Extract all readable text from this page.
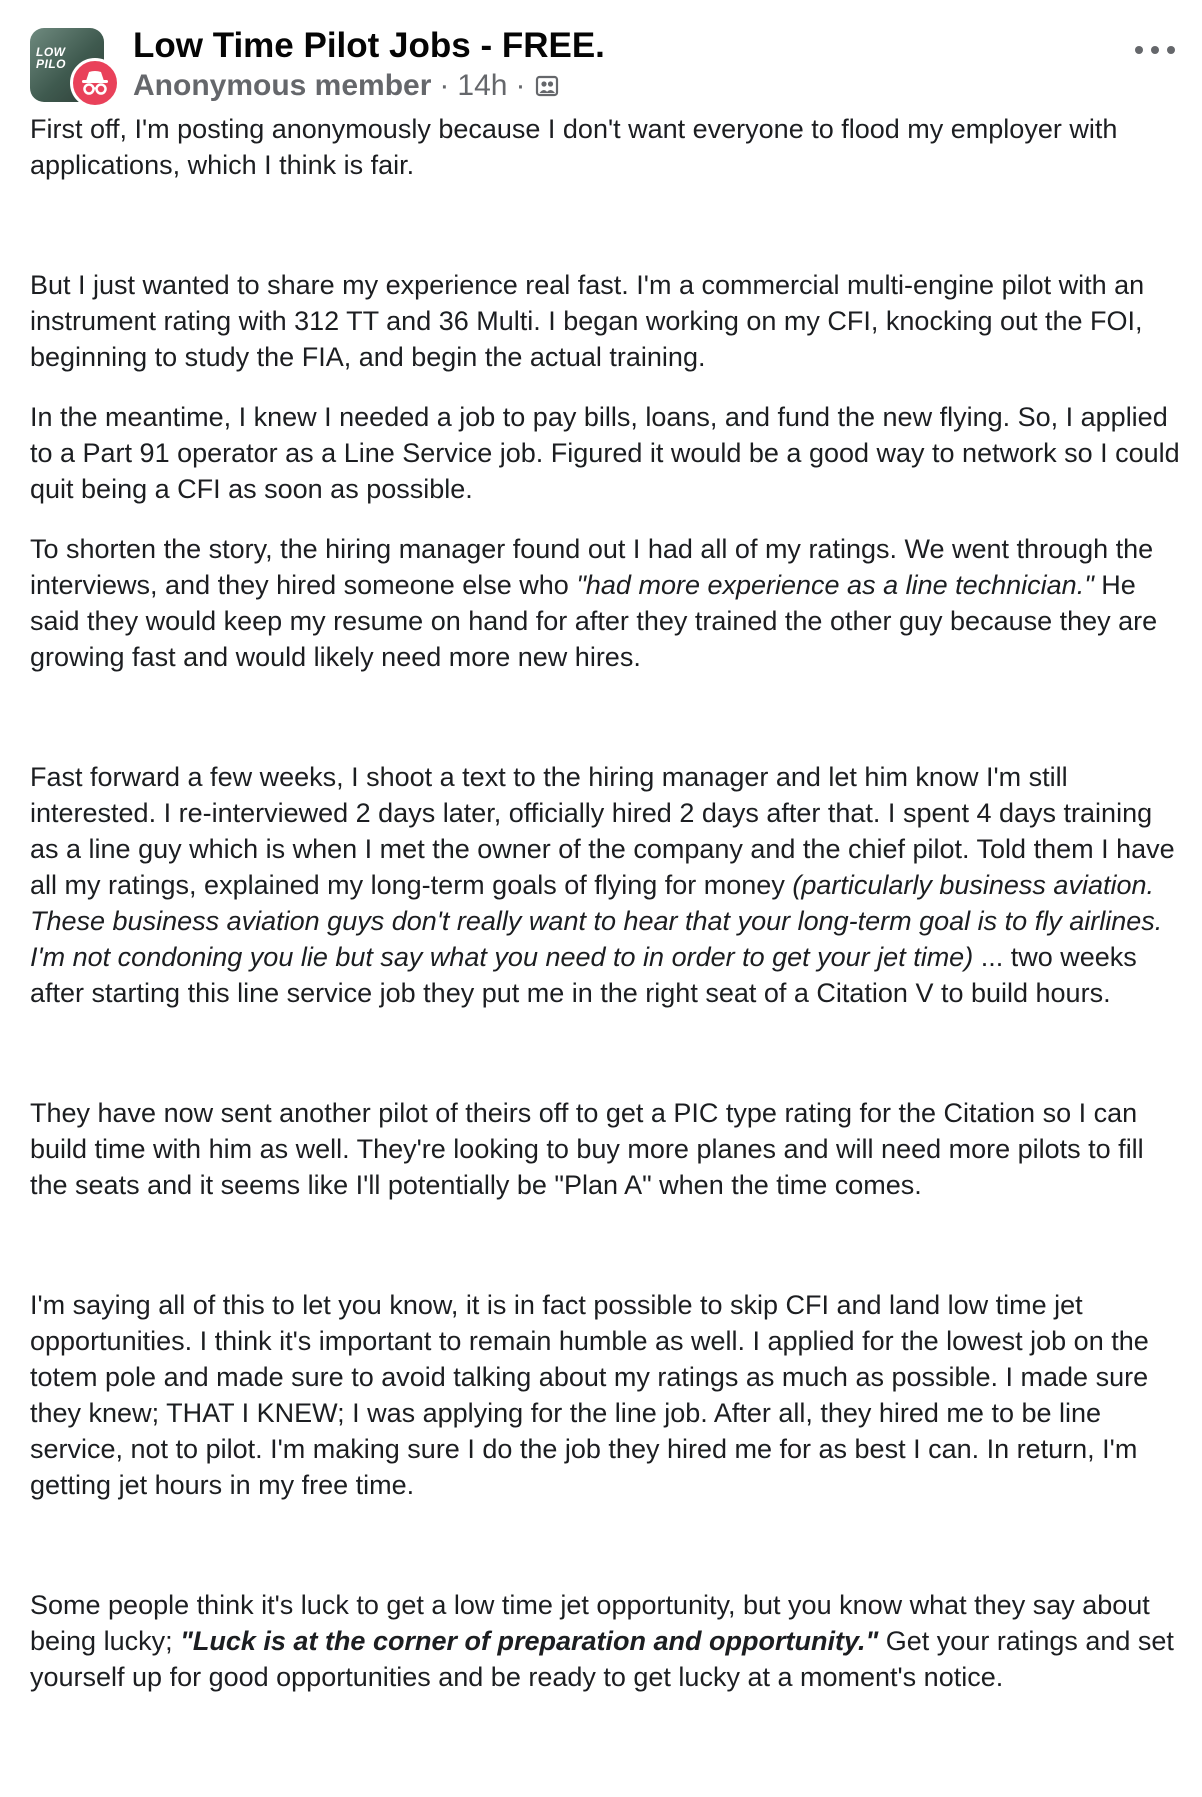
LOW
PILO Low Time Pilot Jobs - FREE.
Anonymous member · 14h ·

First off, I'm posting anonymously because I don't want everyone to flood my employer with applications, which I think is fair.

But I just wanted to share my experience real fast. I'm a commercial multi-engine pilot with an instrument rating with 312 TT and 36 Multi. I began working on my CFI, knocking out the FOI, beginning to study the FIA, and begin the actual training.

In the meantime, I knew I needed a job to pay bills, loans, and fund the new flying. So, I applied to a Part 91 operator as a Line Service job. Figured it would be a good way to network so I could quit being a CFI as soon as possible.

To shorten the story, the hiring manager found out I had all of my ratings. We went through the interviews, and they hired someone else who "had more experience as a line technician." He said they would keep my resume on hand for after they trained the other guy because they are growing fast and would likely need more new hires.

Fast forward a few weeks, I shoot a text to the hiring manager and let him know I'm still interested. I re-interviewed 2 days later, officially hired 2 days after that. I spent 4 days training as a line guy which is when I met the owner of the company and the chief pilot. Told them I have all my ratings, explained my long-term goals of flying for money (particularly business aviation. These business aviation guys don't really want to hear that your long-term goal is to fly airlines. I'm not condoning you lie but say what you need to in order to get your jet time) ... two weeks after starting this line service job they put me in the right seat of a Citation V to build hours.

They have now sent another pilot of theirs off to get a PIC type rating for the Citation so I can build time with him as well. They're looking to buy more planes and will need more pilots to fill the seats and it seems like I'll potentially be "Plan A" when the time comes.

I'm saying all of this to let you know, it is in fact possible to skip CFI and land low time jet opportunities. I think it's important to remain humble as well. I applied for the lowest job on the totem pole and made sure to avoid talking about my ratings as much as possible. I made sure they knew; THAT I KNEW; I was applying for the line job. After all, they hired me to be line service, not to pilot. I'm making sure I do the job they hired me for as best I can. In return, I'm getting jet hours in my free time.

Some people think it's luck to get a low time jet opportunity, but you know what they say about being lucky; "Luck is at the corner of preparation and opportunity." Get your ratings and set yourself up for good opportunities and be ready to get lucky at a moment's notice.
